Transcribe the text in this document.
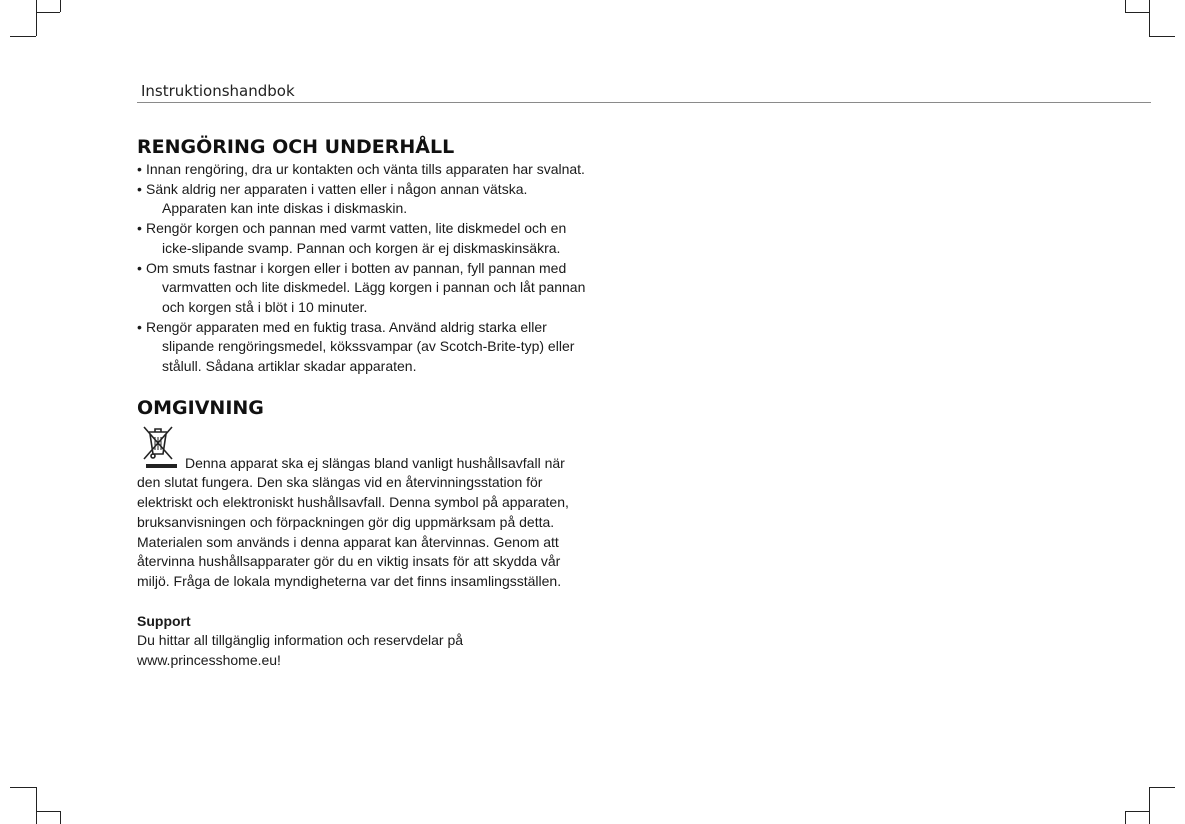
Instruktionshandbok
RENGÖRING OCH UNDERHÅLL
• Innan rengöring, dra ur kontakten och vänta tills apparaten har svalnat.
• Sänk aldrig ner apparaten i vatten eller i någon annan vätska. Apparaten kan inte diskas i diskmaskin.
• Rengör korgen och pannan med varmt vatten, lite diskmedel och en icke-slipande svamp. Pannan och korgen är ej diskmaskinsäkra.
• Om smuts fastnar i korgen eller i botten av pannan, fyll pannan med varmvatten och lite diskmedel. Lägg korgen i pannan och låt pannan och korgen stå i blöt i 10 minuter.
• Rengör apparaten med en fuktig trasa. Använd aldrig starka eller slipande rengöringsmedel, kökssvampar (av Scotch-Brite-typ) eller stålull. Sådana artiklar skadar apparaten.
OMGIVNING

Denna apparat ska ej slängas bland vanligt hushållsavfall när den slutat fungera. Den ska slängas vid en återvinningsstation för elektriskt och elektroniskt hushållsavfall. Denna symbol på apparaten, bruksanvisningen och förpackningen gör dig uppmärksam på detta. Materialen som används i denna apparat kan återvinnas. Genom att återvinna hushållsapparater gör du en viktig insats för att skydda vår miljö. Fråga de lokala myndigheterna var det finns insamlingsställen.

Support

Du hittar all tillgänglig information och reservdelar på www.princesshome.eu!
